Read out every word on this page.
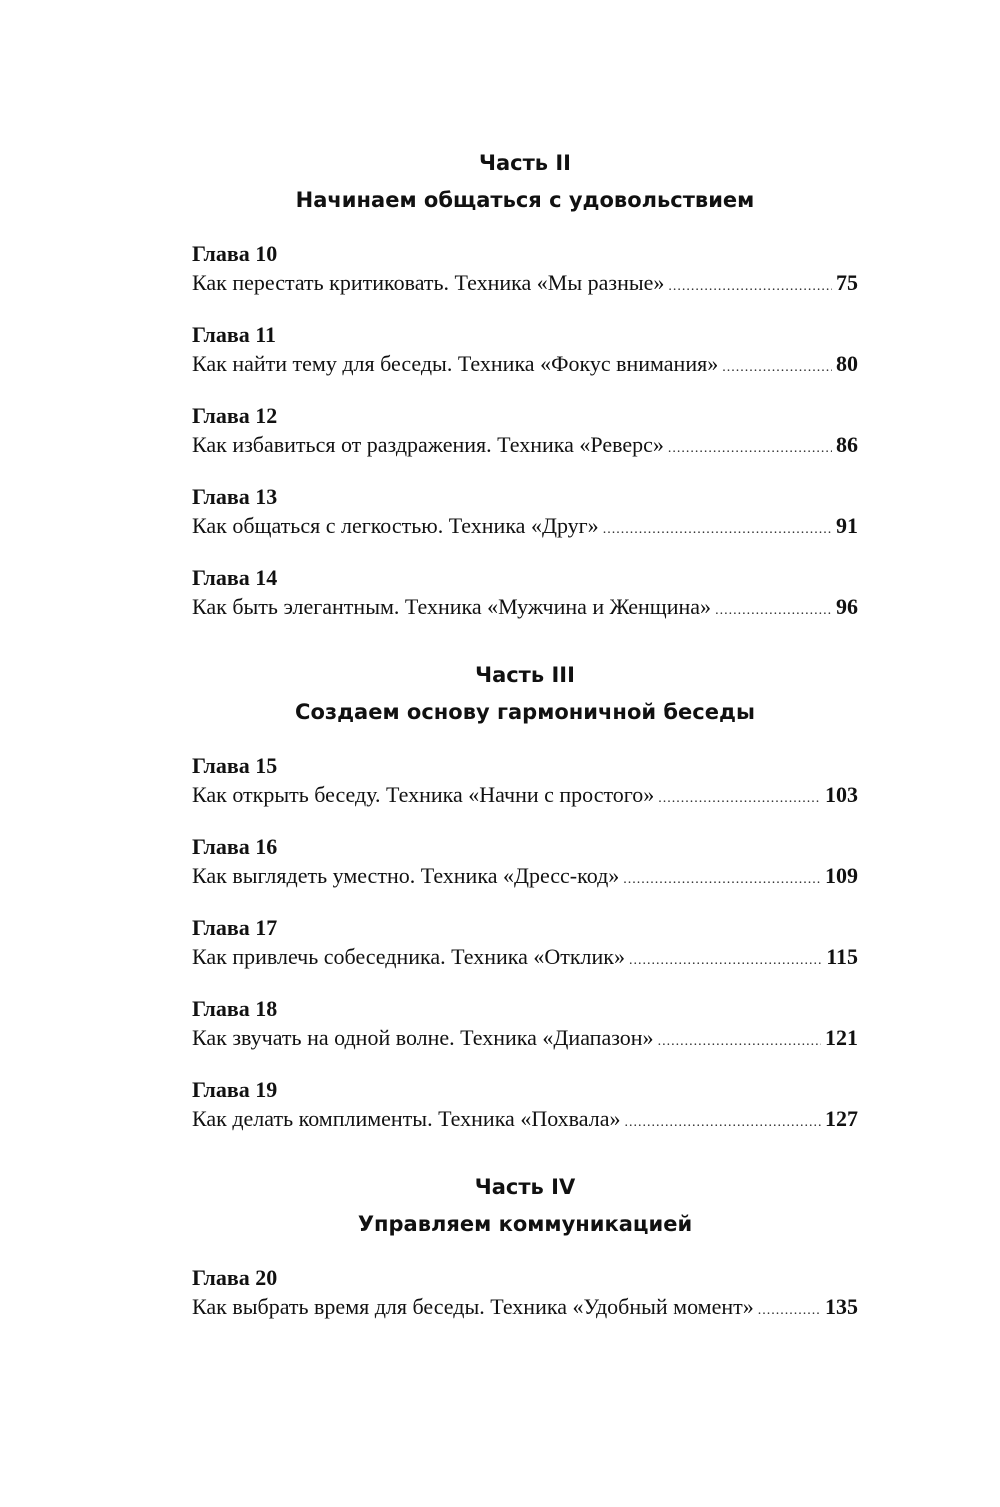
Часть II
Начинаем общаться с удовольствием
Глава 10
Как перестать критиковать. Техника «Мы разные» .....	75
Глава 11
Как найти тему для беседы. Техника «Фокус внимания» .....	80
Глава 12
Как избавиться от раздражения. Техника «Реверс» .....	86
Глава 13
Как общаться с легкостью. Техника «Друг» .....	91
Глава 14
Как быть элегантным. Техника «Мужчина и Женщина» .....	96
Часть III
Создаем основу гармоничной беседы
Глава 15
Как открыть беседу. Техника «Начни с простого» .....	103
Глава 16
Как выглядеть уместно. Техника «Дресс-код» .....	109
Глава 17
Как привлечь собеседника. Техника «Отклик» .....	115
Глава 18
Как звучать на одной волне. Техника «Диапазон» .....	121
Глава 19
Как делать комплименты. Техника «Похвала» .....	127
Часть IV
Управляем коммуникацией
Глава 20
Как выбрать время для беседы. Техника «Удобный момент» .....	135
